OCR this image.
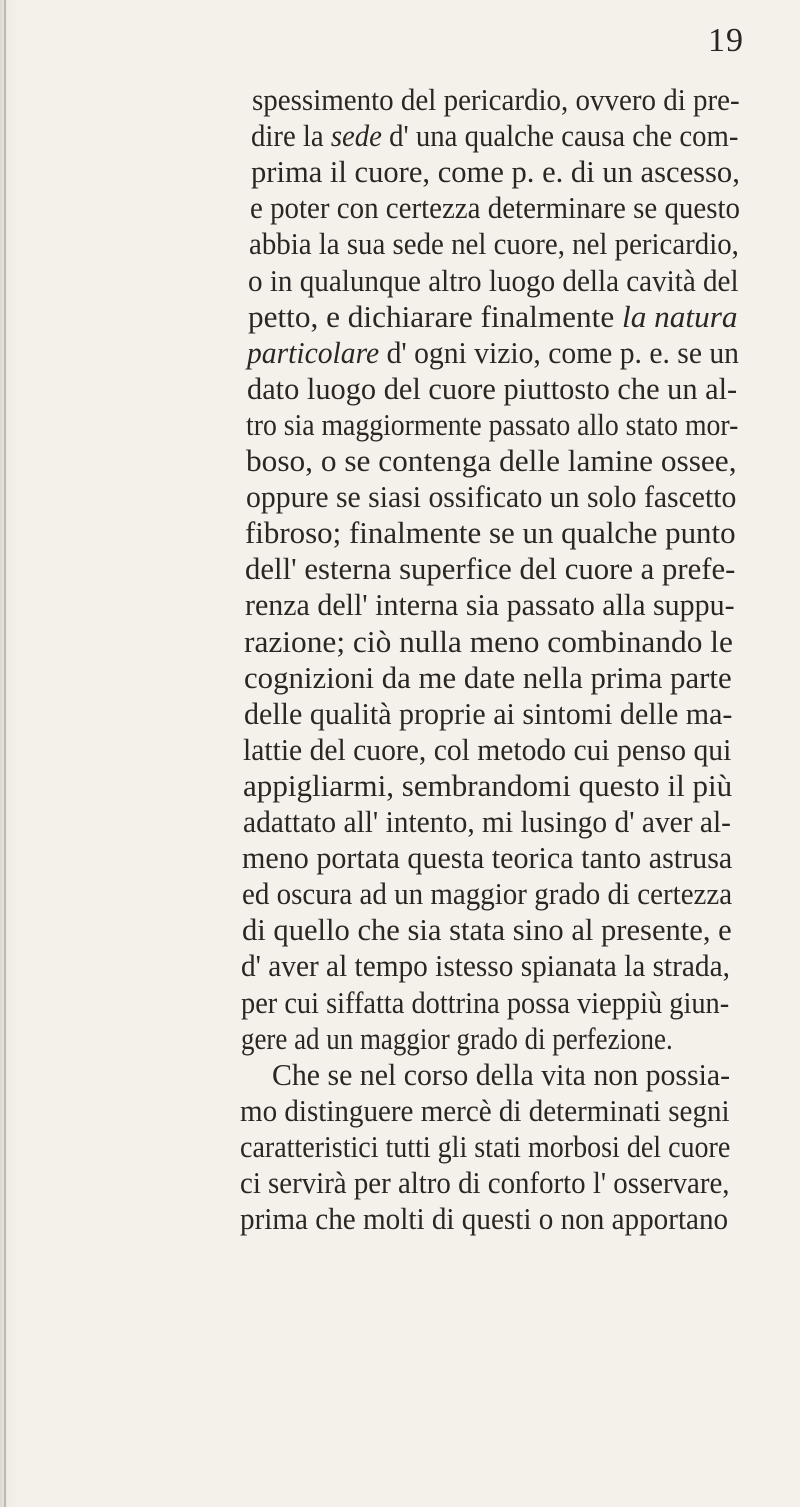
19
spessimento del pericardio, ovvero di pre-
dire la sede d' una qualche causa che com-
prima il cuore, come p. e. di un ascesso,
e poter con certezza determinare se questo
abbia la sua sede nel cuore, nel pericardio,
o in qualunque altro luogo della cavità del
petto, e dichiarare finalmente la natura
particolare d' ogni vizio, come p. e. se un
dato luogo del cuore piuttosto che un al-
tro sia maggiormente passato allo stato mor-
boso, o se contenga delle lamine ossee,
oppure se siasi ossificato un solo fascetto
fibroso; finalmente se un qualche punto
dell' esterna superfice del cuore a prefe-
renza dell' interna sia passato alla suppu-
razione; ciò nulla meno combinando le
cognizioni da me date nella prima parte
delle qualità proprie ai sintomi delle ma-
lattie del cuore, col metodo cui penso qui
appigliarmi, sembrandomi questo il più
adattato all' intento, mi lusingo d' aver al-
meno portata questa teorica tanto astrusa
ed oscura ad un maggior grado di certezza
di quello che sia stata sino al presente, e
d' aver al tempo istesso spianata la strada,
per cui siffatta dottrina possa vieppiù giun-
gere ad un maggior grado di perfezione.
Che se nel corso della vita non possia-
mo distinguere mercè di determinati segni
caratteristici tutti gli stati morbosi del cuore
ci servirà per altro di conforto l' osservare,
prima che molti di questi o non apportano
